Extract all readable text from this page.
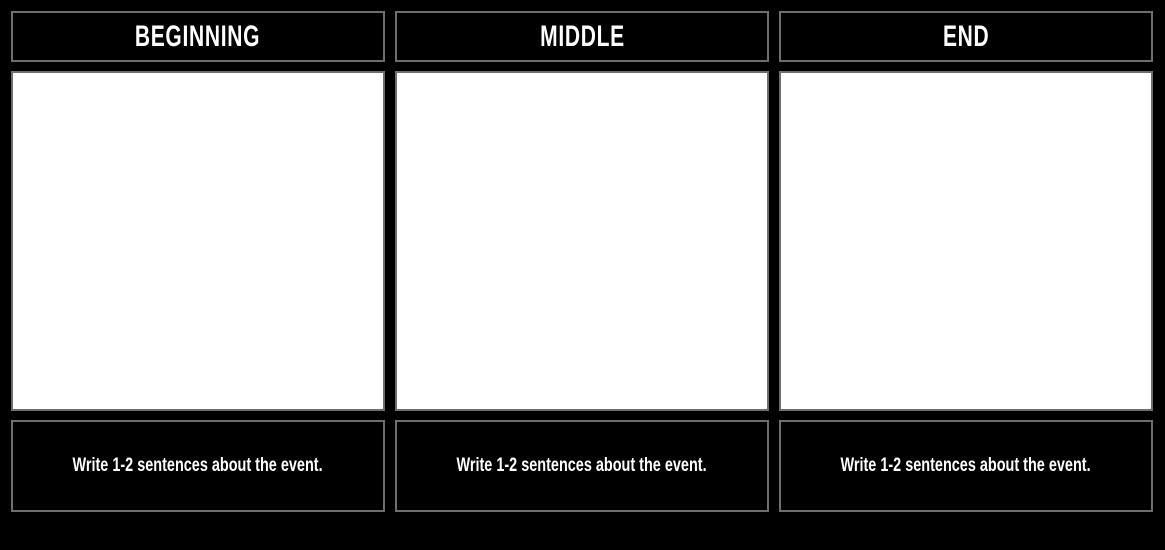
BEGINNING
Write 1-2 sentences about the event.
MIDDLE
Write 1-2 sentences about the event.
END
Write 1-2 sentences about the event.
